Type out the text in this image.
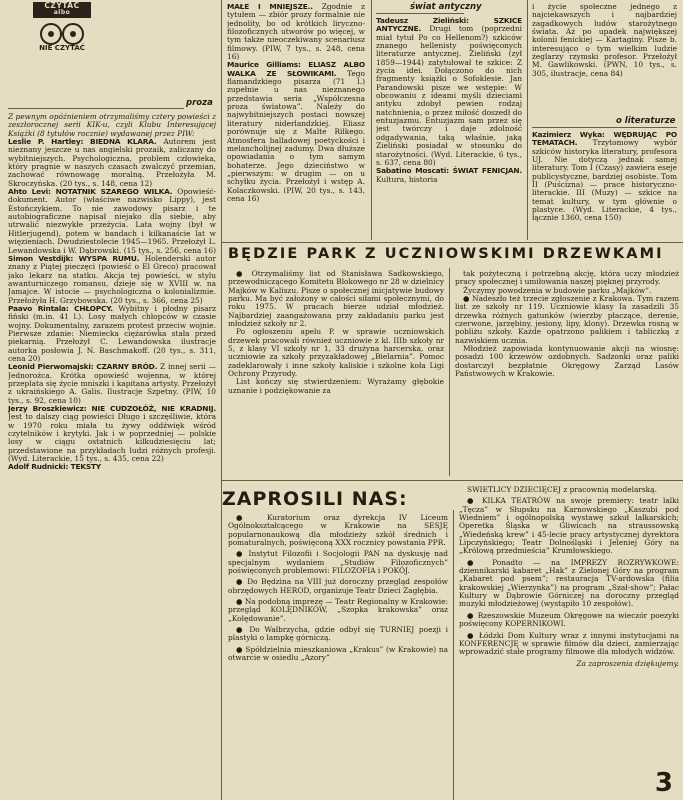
CZYTAĆ
albo
NIE CZYTAĆ
proza

Z pewnym opóźnieniem otrzymaliśmy cztery powieści z zeszłorocznej serii KIK-u, czyli Klubu Interesującej Książki (8 tytułów rocznie) wydawanej przez PIW:

Leslie P. Hartley: BIEDNA KLARA. Autorem jest nieznany jeszcze u nas angielski prozaik, zaliczany do wybitniejszych. Psychologiczna, problem człowieka, który pragnie w naszych czasach zwalczyć przemian, zachować równowagę moralną. Przełożyła M. Skroczyńska. (20 tys., s. 148, cena 12)

Ahto Levi: NOTATNIK SZAREGO WILKA. Opowieść-dokument. Autor (właściwe nazwisko Lippy), jest Estończykiem. To nie zawodowy pisarz i te autobiograficzne napisał niejako dla siebie, aby utrwalić niezwykłe przeżycia. Lata wojny (był w Hitlerjugend), potem w bandach i kilkanaście lat w więzieniach. Dwudziestolecie 1945—1965. Przełożył L. Lewandowska i W. Dąbrowski. (15 tys., s. 256, cena 16)

Simon Vestdijk: WYSPA RUMU. Holenderski autor znany z Piątej pieczęci (powieść o El Greco) pracował jako lekarz na statku. Akcja tej powieści, w stylu awanturniczego romansu, dzieje się w XVIII w. na Jamajce. W istocie — psychologiczna o kolonializmie. Przełożyła H. Grzybowska. (20 tys., s. 366, cena 25)

Paavo Rintala: CHŁOPCY. Wybitny i płodny pisarz fiński (m.in. 41 l.). Losy małych chłopców w czasie wojny. Dokumentalny, zarazem protest przeciw wojnie. Pierwsze zdanie: Niemiecka ciężarówka stała przed piekarnią. Przełożył C. Lewandowska ilustracje autorka posłowia J. N. Baschmakoff. (20 tys., s. 311, cena 20)

Leonid Pierwomajski: CZARNY BRÓD. Z innej serii — Jednorożca. Krótka opowieść wojenna, w której przeplata się życie mniszki i kapitana artysty. Przełożył z ukraińskiego A. Galis. Ilustracje Szpetny. (PIW, 10 tys., s. 92, cena 10)

Jerzy Broszkiewicz: NIE CUDZOŁÓŻ, NIE KRADNIJ. Jest to dalszy ciąg powieści Długo i szczęśliwie, która w 1970 roku miała tu żywy oddźwięk wśród czytelników i krytyki. Jak i w poprzedniej — polskie losy w ciągu ostatnich kilkudziesięciu lat; przedstawione na przykładach ludzi różnych profesji. (Wyd. Literackie, 15 tys., s. 435, cena 22)

Adolf Rudnicki: TEKSTY

MAŁE I MNIEJSZE.. Zgodnie z tytułem — zbiór prozy formalnie nie jednolity, bo od krótkich liryczno-filozoficznych utworów po więcej, w tym także nieoczekiwany scenariusz filmowy. (PIW, 7 tys., s. 248, cena 16)

Maurice Gilliams: ELIASZ ALBO WALKA ZE SŁOWIKAMI. Tego flamandzkiego pisarza (71 l.) zupełnie u nas nieznanego przedstawia seria „Współczesna proza światowa”. Należy do najwybitniejszych postaci nowszej literatury niderlandzkiej. Eliasz porównuje się z Malte Rilkego. Atmosfera balladowej poetyckości i melancholijnej zadumy. Dwa dłuższe opowiadania o tym samym bohaterze. Jego dzieciństwo w „pierwszym: w drugim — on u schyłku życia. Przełożył i wstęp A. Kolaczkowski. (PIW, 20 tys., s. 143, cena 16)

świat antyczny

Tadeusz Zieliński: SZKICE ANTYCZNE. Drugi tom (poprzedni miał tytuł Po co Hellenom?) szkiców znanego hellenisty poświęconych literaturze antycznej. Zieliński (zył 1859—1944) zatytułował te szkice: Z życia idei. Dołączono do nich fragmenty książki o Sofoklesie. Jan Parandowski pisze we wstępie: W obcowaniu z ideami myśli dzieciami antyku zdobył pewien rodzaj natchnienia, o przez miłość doszedł do entuzjazmu. Entuzjazm sam przez się jest twórczy i daje zdolność odgadywania, taką właśnie, jaką Zieliński posiadał w stosunku do starożytności. (Wyd. Literackie, 6 tys., s. 637, cena 80)

Sabatino Moscati: ŚWIAT FENICJAN. Kultura, historia

i życie społeczne jednego z najciekawszych i najbardziej zagadkowych ludów starożytnego świata. Aż po upadek największej kolonii fenickiej — Kartaginy. Pisze b. interesująco o tym wielkim ludzie żeglarzy rzymski profesor. Przełożył M. Gawlikowski. (PWN, 10 tys., s. 305, ilustracje, cena 84)

o literaturze

Kazimierz Wyka: WĘDRUJĄC PO TEMATACH. Trzytomowy wybór szkiców historyka literatury, profesora UJ. Nie dotyczą jednak samej literatury. Tom I (Czasy) zawiera eseje publicystyczne, bardziej osobiste. Tom II (Puścizna) — prace historyczno-literackie. III (Muzy) — szkice na temat kultury, w tym głównie o plastyce. (Wyd. Literackie, 4 tys., łącznie 1360, cena 150)

BĘDZIE PARK Z UCZNIOWSKIMI DRZEWKAMI

● Otrzymaliśmy list od Stanisława Sadkowskiego, przewodniczącego Komitetu Blokowego nr 28 w dzielnicy Majków w Kaliszu. Pisze o społecznej inicjatywie budowy parku. Ma być założony w całości siłami społecznymi, do roku 1975. W pracach bierze udział młodzież. Najbardziej zaangażowana przy zakładaniu parku jest młodzież szkoły nr 2.

Po ogłoszeniu apelu P. w sprawie uczniowskich drzewek pracowali również uczniowie z kl. IIIb szkoły nr 5, z klasy VI szkoły nr 1, 33 drużyna harcerska, oraz uczniowie za szkoły przyzakładowej „Bielarnia”. Pomoc zadeklarowały i inne szkoły kaliskie i szkolne koła Ligi Ochrony Przyrody.

List kończy się stwierdzeniem: Wyrażamy głębokie uznanie i podziękowanie za

tak pożyteczną i potrzebną akcję, która uczy młodzież pracy społecznej i umiłowania naszej pięknej przyrody.

Życzymy powodzenia w budowie parku „Majków”.

● Nadeszło też trzecie zgłoszenie z Krakowa. Tym razem list ze szkoły nr 119. Uczniowie klasy Ia zasadzili 35 drzewka różnych gatunków (wierzby płaczące, derenie, czerwone, jarzębiny, jesiony, lipy, klony). Drzewka rosną w pobliżu szkoły. Każde opatrzono palikiem i tabliczką z nazwiskiem ucznia.

Młodzież zapowiada kontynuowanie akcji na wiosnę: posadzi 100 krzewów ozdobnych. Sadzonki oraz paliki dostarczył bezpłatnie Okręgowy Zarząd Lasów Państwowych w Krakowie.

ZAPROSILI NAS:

● Kuratorium oraz dyrekcja IV Liceum Ogólnokształcącego w Krakowie na SESJĘ popularnonaukową dla młodzieży szkół średnich i pomaturalnych, poświęconą XXX rocznicy powstania PPR.

● Instytut Filozofii i Socjologii PAN na dyskusję nad specjalnym wydaniem „Studiów Filozoficznych” poświęconych problemowi: FILOZOFIA i POKÓJ.

● Do Będzina na VIII już doroczny przegląd zespołów obrzędowych HEROD, organizuje Teatr Dzieci Zagłębia.

● Na podobną imprezę — Teatr Regionalny w Krakowie: przegląd KOLĘDNIKÓW, „Szopka krakowska” oraz „Kolędowanie”.

● Do Wałbrzycha, gdzie odbył się TURNIEJ poezji i plastyki o lampkę górniczą.

● Spółdzielnia mieszkaniowa „Krakus” (w Krakowie) na otwarcie w osiedlu „Azory”

ŚWIETLICY DZIECIĘCEJ z pracownią modelarską.

● KILKA TEATRÓW na swoje premiery: teatr lalki „Tęcza” w Słupsku na Karnowskiego „Kaszubi pod Wiedniem” i ogólnopolską wystawę szkuł lalkarskich; Operetka Śląska w Gliwicach na straussowską „Wiedeńską krew” i 45-lecie pracy artystycznej dyrektora Lipczyńskiego; Teatr Dolnośląski i Jeleniej Góry na „Królową przedmieścia” Krumłowskiego.

● Ponadto — na IMPREZY ROZRYWKOWE: dziennikarski kabaret „Hak” z Zielonej Góry na program „Kabaret pod psem”; restauracja TV-ardowska (filia krakowskiej „Wierzynka”) na program „Szał-show”; Pałac Kultury w Dąbrowie Górniczej na doroczny przegląd muzyki młodzieżowej (wystąpiło 10 zespołów).

● Rzeszowskie Muzeum Okręgowe na wieczór poezyki poświęcony KOPERNIKOWI.

● Łódzki Dom Kultury wraz z innymi instytucjami na KONFERENCJĘ w sprawie filmów dla dzieci, zamierzając wprowadzić stałe programy filmowe dla młodych widzów.

Za zaproszenia dziękujemy.

3
